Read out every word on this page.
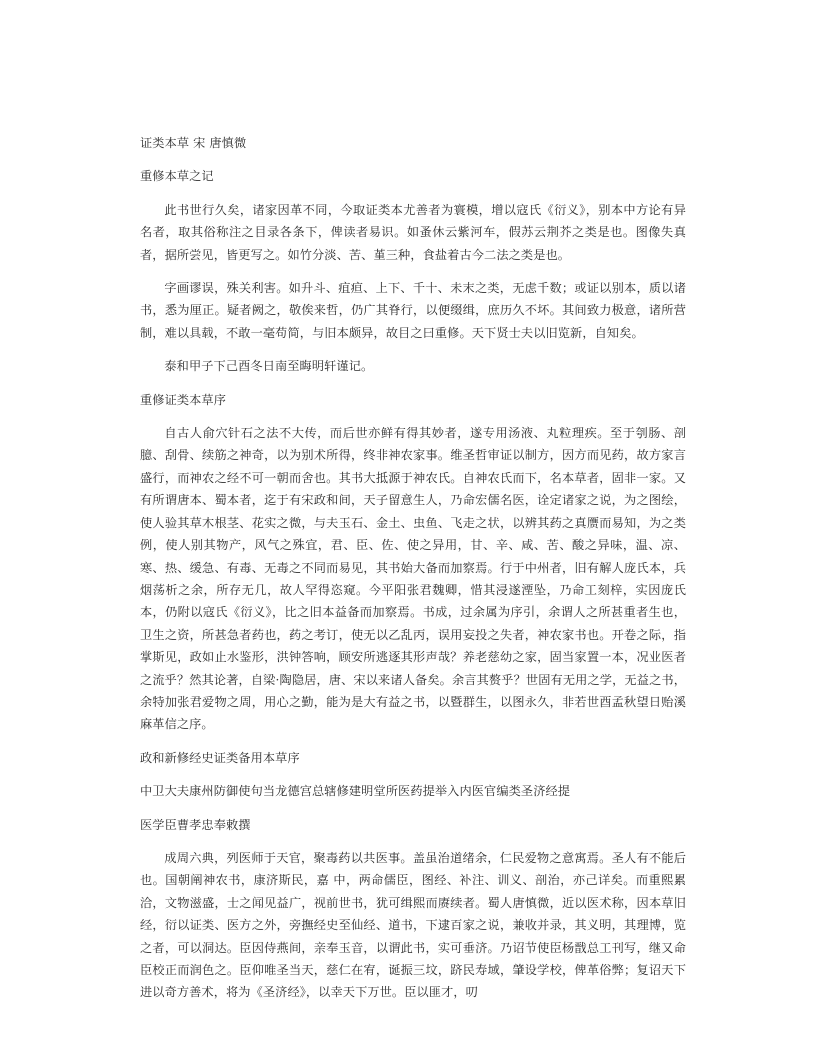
证类本草 宋 唐慎微
重修本草之记
此书世行久矣，诸家因革不同，今取证类本尤善者为寰模，增以寇氏《衍义》，别本中方论有异名者，取其俗称注之目录各条下，俾读者易识。如蚤休云紫河车，假苏云荆芥之类是也。图像失真者，据所尝见，皆更写之。如竹分淡、苦、堇三种，食盐着古今二法之类是也。
字画谬误，殊关利害。如升斗、疽疸、上下、千十、未末之类，无虑千数；或证以别本，质以诸书，悉为厘正。疑者阙之，敬俟来哲，仍广其脊行，以便缀缉，庶历久不坏。其间致力极意，诸所营制，难以具载，不敢一毫苟简，与旧本颇异，故目之曰重修。天下贤士夫以旧览新，自知矣。
泰和甲子下己酉冬日南至晦明轩谨记。
重修证类本草序
自古人俞穴针石之法不大传，而后世亦鲜有得其妙者，遂专用汤液、丸粒理疾。至于刳肠、剖臆、刮骨、续筋之神奇，以为别术所得，终非神农家事。维圣哲审证以制方，因方而见药，故方家言盛行，而神农之经不可一朝而舍也。其书大抵源于神农氏。自神农氏而下，名本草者，固非一家。又有所谓唐本、蜀本者，迄于有宋政和间，天子留意生人，乃命宏儒名医，诠定诸家之说，为之图绘，使人验其草木根茎、花实之微，与夫玉石、金土、虫鱼、飞走之状，以辨其药之真赝而易知，为之类例，使人别其物产，风气之殊宜，君、臣、佐、使之异用，甘、辛、咸、苦、酸之异味，温、凉、寒、热、缓急、有毒、无毒之不同而易见，其书始大备而加察焉。行于中州者，旧有解人庞氏本，兵烟荡析之余，所存无几，故人罕得恣窥。今平阳张君魏卿，惜其浸遂湮坠，乃命工刻梓，实因庞氏本，仍附以寇氏《衍义》，比之旧本益备而加察焉。书成，过余属为序引，余谓人之所甚重者生也，卫生之资，所甚急者药也，药之考订，使无以乙乱丙，误用妄投之失者，神农家书也。开卷之际，指掌斯见，政如止水鉴形，洪钟答响，顾安所逃逐其形声哉？养老慈幼之家，固当家置一本，况业医者之流乎？然其论著，自梁·陶隐居，唐、宋以来诸人备矣。余言其赘乎？世固有无用之学，无益之书，余特加张君爱物之周，用心之勤，能为是大有益之书，以暨群生，以图永久，非若世酉孟秋望日贻溪麻革信之序。
政和新修经史证类备用本草序
中卫大夫康州防御使句当龙德宫总辖修建明堂所医药提举入内医官编类圣济经提
医学臣曹孝忠奉敕撰
成周六典，列医师于天官，聚毒药以共医事。盖虽治道绪余，仁民爱物之意寓焉。圣人有不能后也。国朝阐神农书，康济斯民，嘉 中，两命儒臣，图经、补注、训义、剖治，亦己详矣。而重熙累洽，文物滋盛，士之闻见益广，视前世书，犹可缉熙而赓续者。蜀人唐慎微，近以医术称，因本草旧经，衍以证类、医方之外，旁撫经史至仙经、道书，下逮百家之说，兼收并录，其义明，其理博，览之者，可以洞达。臣因侍燕间，亲奉玉音，以谓此书，实可垂济。乃诏节使臣杨戬总工刊写，继又命臣校正而润色之。臣仰唯圣当天，慈仁在宥，诞振三坟，跻民寿域，肇设学校，俾革俗弊；复诏天下进以奇方善术，将为《圣济经》，以幸天下万世。臣以匪才，叨
